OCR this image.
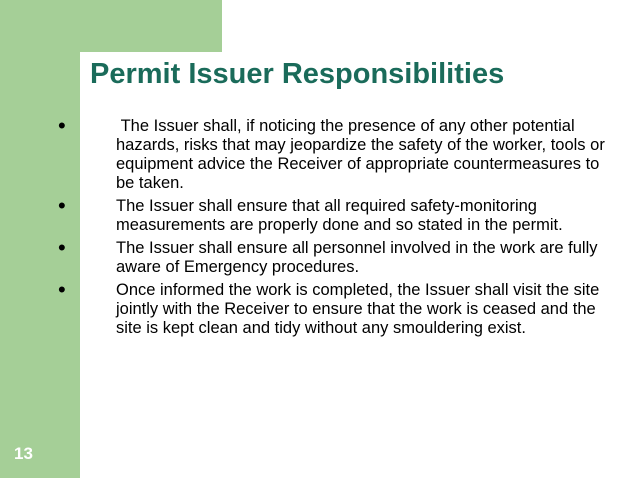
Permit Issuer Responsibilities
•	The Issuer shall, if noticing the presence of any other potential hazards, risks that may jeopardize the safety of the worker, tools or equipment advice the Receiver of appropriate countermeasures to be taken.
•	The Issuer shall ensure that all required safety-monitoring measurements are properly done and so stated in the permit.
•	The Issuer shall ensure all personnel involved in the work are fully aware of Emergency procedures.
•	Once informed the work is completed, the Issuer shall visit the site jointly with the Receiver to ensure that the work is ceased and the site is kept clean and tidy without any smouldering exist.
13
